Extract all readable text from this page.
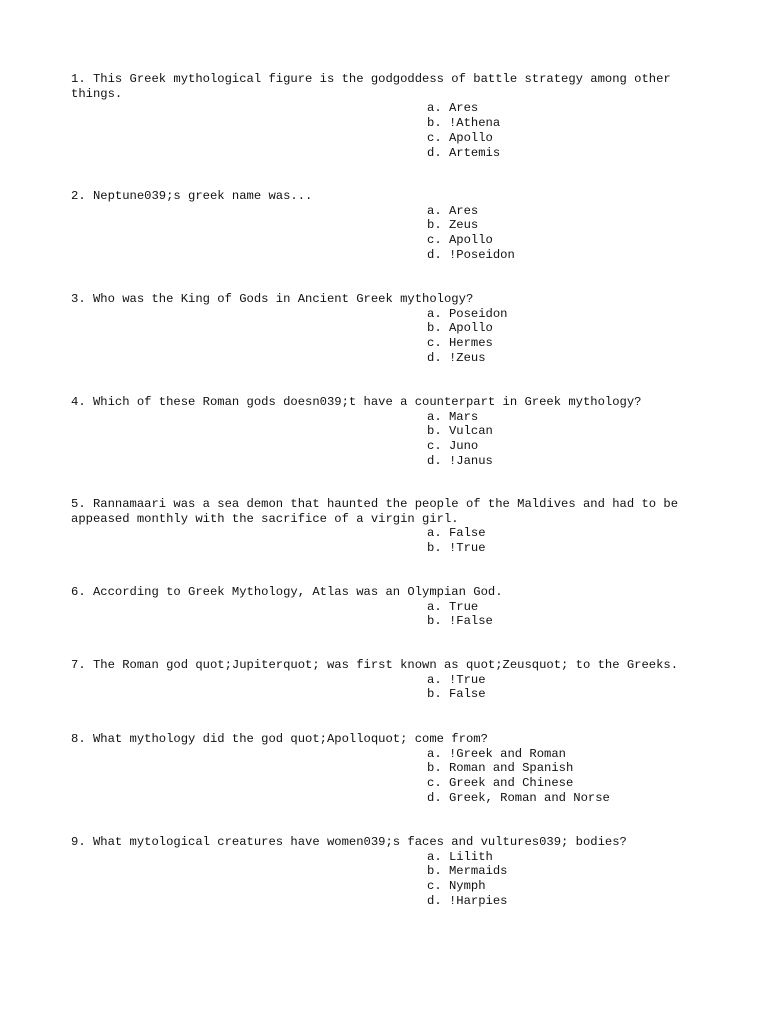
1. This Greek mythological figure is the godgoddess of battle strategy among other things.

a. Ares
b. !Athena
c. Apollo
d. Artemis

2. Neptune039;s greek name was...

a. Ares
b. Zeus
c. Apollo
d. !Poseidon

3. Who was the King of Gods in Ancient Greek mythology?

a. Poseidon
b. Apollo
c. Hermes
d. !Zeus

4. Which of these Roman gods doesn039;t have a counterpart in Greek mythology?

a. Mars
b. Vulcan
c. Juno
d. !Janus

5. Rannamaari was a sea demon that haunted the people of the Maldives and had to be appeased monthly with the sacrifice of a virgin girl.

a. False
b. !True

6. According to Greek Mythology, Atlas was an Olympian God.

a. True
b. !False

7. The Roman god quot;Jupiterquot; was first known as quot;Zeusquot; to the Greeks.

a. !True
b. False

8. What mythology did the god quot;Apolloquot; come from?

a. !Greek and Roman
b. Roman and Spanish
c. Greek and Chinese
d. Greek, Roman and Norse

9. What mytological creatures have women039;s faces and vultures039; bodies?

a. Lilith
b. Mermaids
c. Nymph
d. !Harpies
